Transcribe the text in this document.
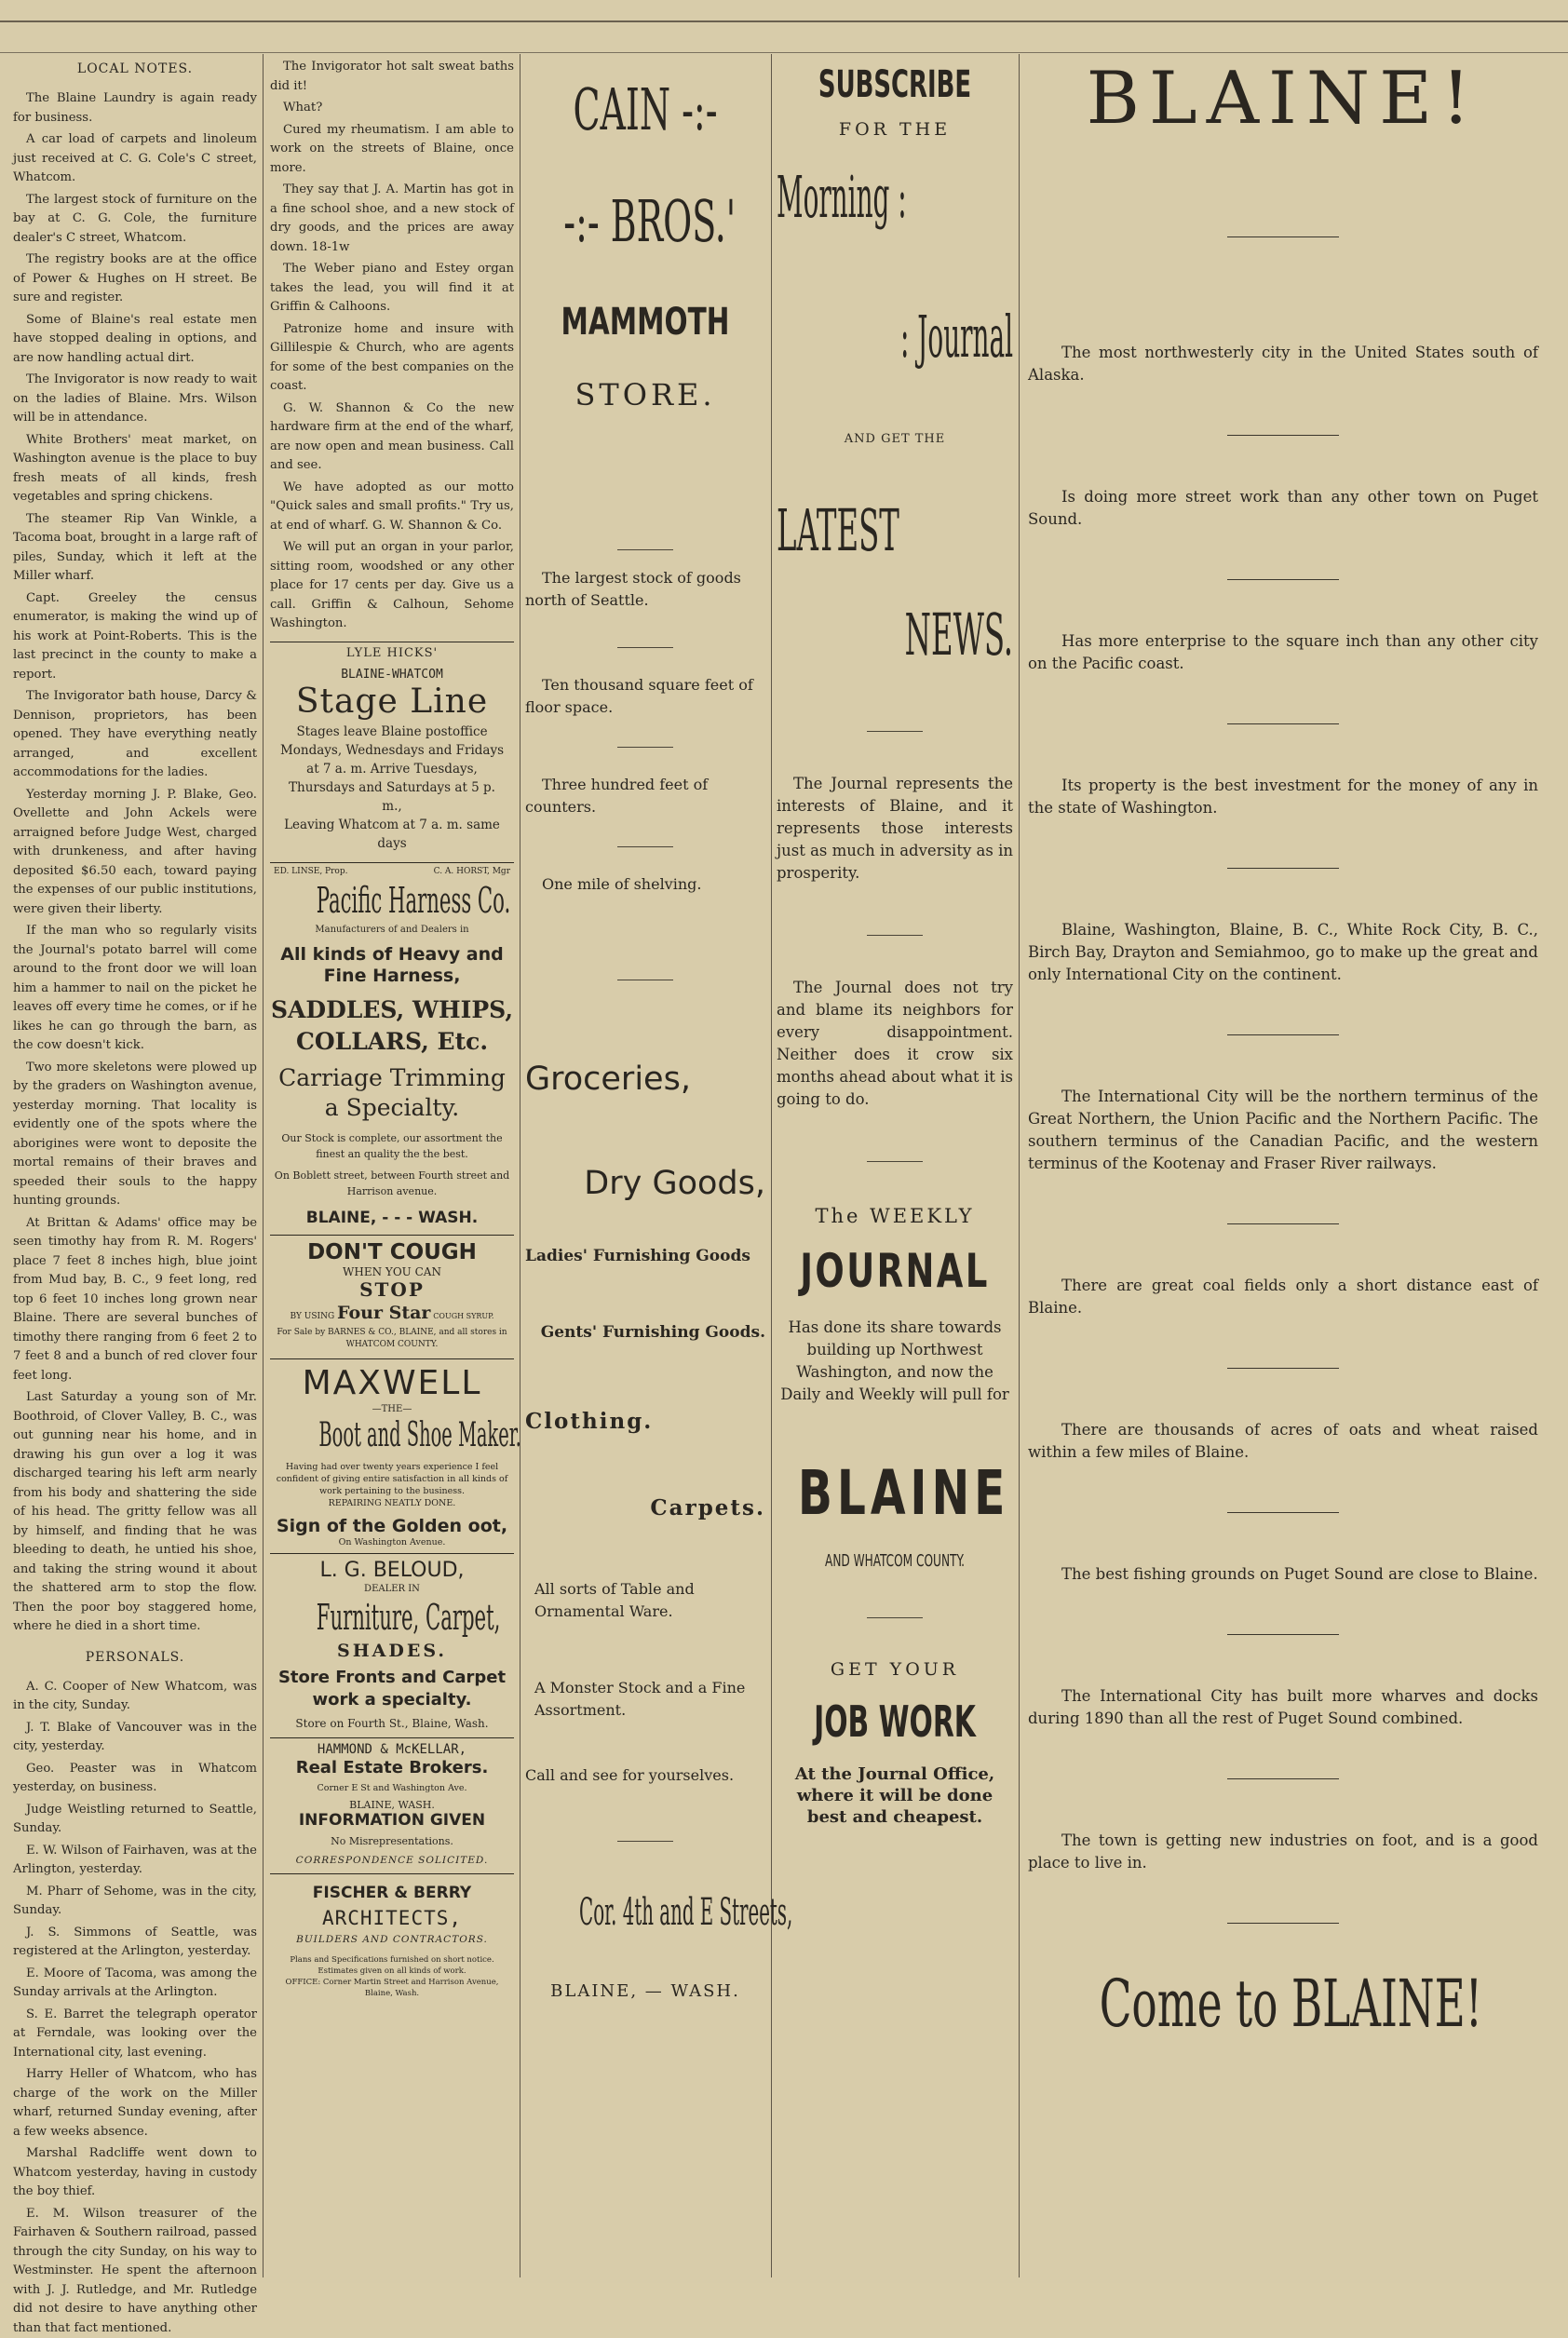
LOCAL NOTES.

The Blaine Laundry is again ready for business.

A car load of carpets and linoleum just received at C. G. Cole's C street, Whatcom.

The largest stock of furniture on the bay at C. G. Cole, the furniture dealer's C street, Whatcom.

The registry books are at the office of Power & Hughes on H street. Be sure and register.

Some of Blaine's real estate men have stopped dealing in options, and are now handling actual dirt.

The Invigorator is now ready to wait on the ladies of Blaine. Mrs. Wilson will be in attendance.

White Brothers' meat market, on Washington avenue is the place to buy fresh meats of all kinds, fresh vegetables and spring chickens.

The steamer Rip Van Winkle, a Tacoma boat, brought in a large raft of piles, Sunday, which it left at the Miller wharf.

Capt. Greeley the census enumerator, is making the wind up of his work at Point-Roberts. This is the last precinct in the county to make a report.

The Invigorator bath house, Darcy & Dennison, proprietors, has been opened. They have everything neatly arranged, and excellent accommodations for the ladies.

Yesterday morning J. P. Blake, Geo. Ovellette and John Ackels were arraigned before Judge West, charged with drunkeness, and after having deposited $6.50 each, toward paying the expenses of our public institutions, were given their liberty.

If the man who so regularly visits the Journal's potato barrel will come around to the front door we will loan him a hammer to nail on the picket he leaves off every time he comes, or if he likes he can go through the barn, as the cow doesn't kick.

Two more skeletons were plowed up by the graders on Washington avenue, yesterday morning. That locality is evidently one of the spots where the aborigines were wont to deposite the mortal remains of their braves and speeded their souls to the happy hunting grounds.

At Brittan & Adams' office may be seen timothy hay from R. M. Rogers' place 7 feet 8 inches high, blue joint from Mud bay, B. C., 9 feet long, red top 6 feet 10 inches long grown near Blaine. There are several bunches of timothy there ranging from 6 feet 2 to 7 feet 8 and a bunch of red clover four feet long.

Last Saturday a young son of Mr. Boothroid, of Clover Valley, B. C., was out gunning near his home, and in drawing his gun over a log it was discharged tearing his left arm nearly from his body and shattering the side of his head. The gritty fellow was all by himself, and finding that he was bleeding to death, he untied his shoe, and taking the string wound it about the shattered arm to stop the flow. Then the poor boy staggered home, where he died in a short time.

PERSONALS.

A. C. Cooper of New Whatcom, was in the city, Sunday.

J. T. Blake of Vancouver was in the city, yesterday.

Geo. Peaster was in Whatcom yesterday, on business.

Judge Weistling returned to Seattle, Sunday.

E. W. Wilson of Fairhaven, was at the Arlington, yesterday.

M. Pharr of Sehome, was in the city, Sunday.

J. S. Simmons of Seattle, was registered at the Arlington, yesterday.

E. Moore of Tacoma, was among the Sunday arrivals at the Arlington.

S. E. Barret the telegraph operator at Ferndale, was looking over the International city, last evening.

Harry Heller of Whatcom, who has charge of the work on the Miller wharf, returned Sunday evening, after a few weeks absence.

Marshal Radcliffe went down to Whatcom yesterday, having in custody the boy thief.

E. M. Wilson treasurer of the Fairhaven & Southern railroad, passed through the city Sunday, on his way to Westminster. He spent the afternoon with J. J. Rutledge, and Mr. Rutledge did not desire to have anything other than that fact mentioned.

The Invigorator hot salt sweat baths did it!

What?

Cured my rheumatism. I am able to work on the streets of Blaine, once more.

They say that J. A. Martin has got in a fine school shoe, and a new stock of dry goods, and the prices are away down. 18-1w

The Weber piano and Estey organ takes the lead, you will find it at Griffin & Calhoons.

Patronize home and insure with Gillilespie & Church, who are agents for some of the best companies on the coast.

G. W. Shannon & Co the new hardware firm at the end of the wharf, are now open and mean business. Call and see.

We have adopted as our motto "Quick sales and small profits." Try us, at end of wharf. G. W. Shannon & Co.

We will put an organ in your parlor, sitting room, woodshed or any other place for 17 cents per day. Give us a call. Griffin & Calhoun, Sehome Washington.

LYLE HICKS'

BLAINE-WHATCOM

Stage Line

Stages leave Blaine postoffice Mondays, Wednesdays and Fridays at 7 a. m. Arrive Tuesdays, Thursdays and Saturdays at 5 p. m.,

Leaving Whatcom at 7 a. m. same days

ED. LINSE, Prop.	C. A. HORST, Mgr

Pacific Harness Co.

Manufacturers of and Dealers in

All kinds of Heavy and Fine Harness,

SADDLES, WHIPS, COLLARS, Etc.

Carriage Trimming a Specialty.

Our Stock is complete, our assortment the finest an quality the the best.

On Boblett street, between Fourth street and Harrison avenue.

BLAINE, - - - WASH.

DON'T COUGH

WHEN YOU CAN

STOP

BY USING Four Star COUGH SYRUP.

For Sale by BARNES & CO., BLAINE, and all stores in WHATCOM COUNTY.

MAXWELL

—THE—

Boot and Shoe Maker.

Having had over twenty years experience I feel confident of giving entire satisfaction in all kinds of work pertaining to the business.

REPAIRING NEATLY DONE.

Sign of the Golden oot,

On Washington Avenue.

L. G. BELOUD,

DEALER IN

Furniture, Carpet,

SHADES.

Store Fronts and Carpet work a specialty.

Store on Fourth St., Blaine, Wash.

HAMMOND & McKELLAR,

Real Estate Brokers.

Corner E St and Washington Ave.

BLAINE, WASH.

INFORMATION GIVEN

No Misrepresentations.

CORRESPONDENCE SOLICITED.

FISCHER & BERRY

ARCHITECTS,

BUILDERS AND CONTRACTORS.

Plans and Specifications furnished on short notice. Estimates given on all kinds of work.

OFFICE: Corner Martin Street and Harrison Avenue, Blaine, Wash.

CAIN -:-

-:- BROS.'

MAMMOTH

STORE.

The largest stock of goods north of Seattle.

Ten thousand square feet of floor space.

Three hundred feet of counters.

One mile of shelving.

Groceries,

Dry Goods,

Ladies' Furnishing Goods

Gents' Furnishing Goods.

Clothing.

Carpets.

All sorts of Table and Ornamental Ware.

A Monster Stock and a Fine Assortment.

Call and see for yourselves.

Cor. 4th and E Streets,

BLAINE, — WASH.

SUBSCRIBE

FOR THE

Morning :

: Journal

AND GET THE

LATEST

NEWS.

The Journal represents the interests of Blaine, and it represents those interests just as much in adversity as in prosperity.

The Journal does not try and blame its neighbors for every disappointment. Neither does it crow six months ahead about what it is going to do.

The WEEKLY

JOURNAL

Has done its share towards building up Northwest Washington, and now the Daily and Weekly will pull for

BLAINE

AND WHATCOM COUNTY.

GET YOUR

JOB WORK

At the Journal Office, where it will be done best and cheapest.

BLAINE!

The most northwesterly city in the United States south of Alaska.

Is doing more street work than any other town on Puget Sound.

Has more enterprise to the square inch than any other city on the Pacific coast.

Its property is the best investment for the money of any in the state of Washington.

Blaine, Washington, Blaine, B. C., White Rock City, B. C., Birch Bay, Drayton and Semiahmoo, go to make up the great and only International City on the continent.

The International City will be the northern terminus of the Great Northern, the Union Pacific and the Northern Pacific. The southern terminus of the Canadian Pacific, and the western terminus of the Kootenay and Fraser River railways.

There are great coal fields only a short distance east of Blaine.

There are thousands of acres of oats and wheat raised within a few miles of Blaine.

The best fishing grounds on Puget Sound are close to Blaine.

The International City has built more wharves and docks during 1890 than all the rest of Puget Sound combined.

The town is getting new industries on foot, and is a good place to live in.

Come to BLAINE!
